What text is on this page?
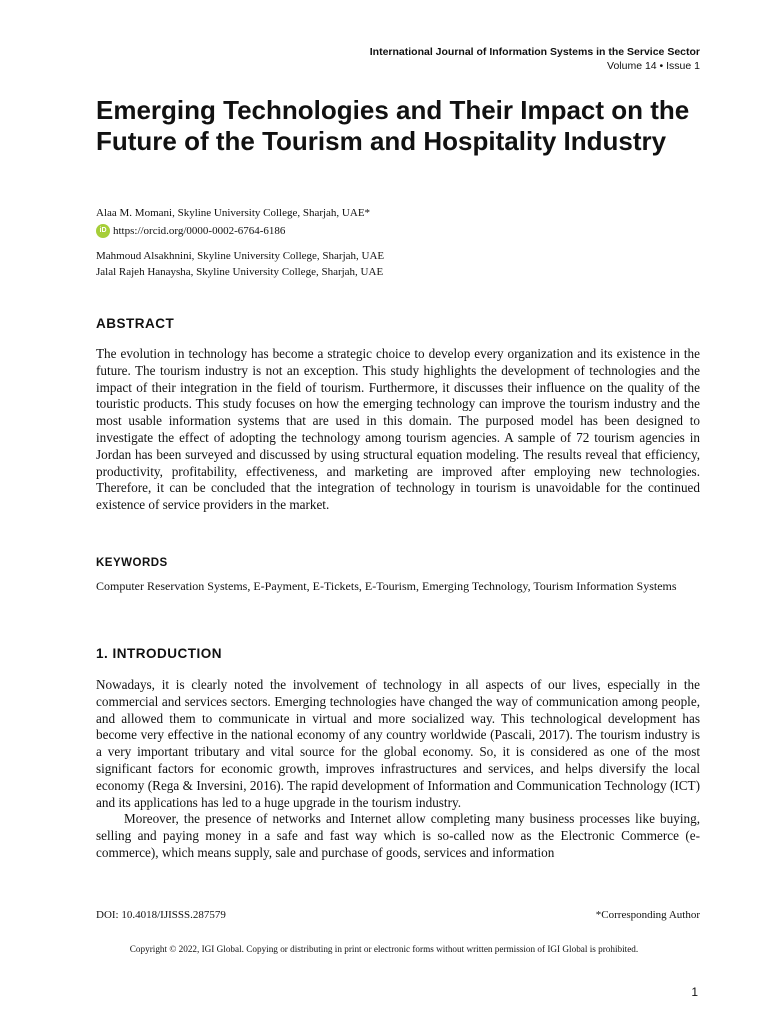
International Journal of Information Systems in the Service Sector
Volume 14 • Issue 1
Emerging Technologies and Their Impact on the Future of the Tourism and Hospitality Industry
Alaa M. Momani, Skyline University College, Sharjah, UAE*
iD https://orcid.org/0000-0002-6764-6186
Mahmoud Alsakhnini, Skyline University College, Sharjah, UAE
Jalal Rajeh Hanaysha, Skyline University College, Sharjah, UAE
ABSTRACT

The evolution in technology has become a strategic choice to develop every organization and its existence in the future. The tourism industry is not an exception. This study highlights the development of technologies and the impact of their integration in the field of tourism. Furthermore, it discusses their influence on the quality of the touristic products. This study focuses on how the emerging technology can improve the tourism industry and the most usable information systems that are used in this domain. The purposed model has been designed to investigate the effect of adopting the technology among tourism agencies. A sample of 72 tourism agencies in Jordan has been surveyed and discussed by using structural equation modeling. The results reveal that efficiency, productivity, profitability, effectiveness, and marketing are improved after employing new technologies. Therefore, it can be concluded that the integration of technology in tourism is unavoidable for the continued existence of service providers in the market.

KEYWORDS

Computer Reservation Systems, E-Payment, E-Tickets, E-Tourism, Emerging Technology, Tourism Information Systems

1. INTRODUCTION

Nowadays, it is clearly noted the involvement of technology in all aspects of our lives, especially in the commercial and services sectors. Emerging technologies have changed the way of communication among people, and allowed them to communicate in virtual and more socialized way. This technological development has become very effective in the national economy of any country worldwide (Pascali, 2017). The tourism industry is a very important tributary and vital source for the global economy. So, it is considered as one of the most significant factors for economic growth, improves infrastructures and services, and helps diversify the local economy (Rega & Inversini, 2016). The rapid development of Information and Communication Technology (ICT) and its applications has led to a huge upgrade in the tourism industry.

Moreover, the presence of networks and Internet allow completing many business processes like buying, selling and paying money in a safe and fast way which is so-called now as the Electronic Commerce (e-commerce), which means supply, sale and purchase of goods, services and information

DOI: 10.4018/IJISSS.287579	*Corresponding Author
Copyright © 2022, IGI Global. Copying or distributing in print or electronic forms without written permission of IGI Global is prohibited.
1
